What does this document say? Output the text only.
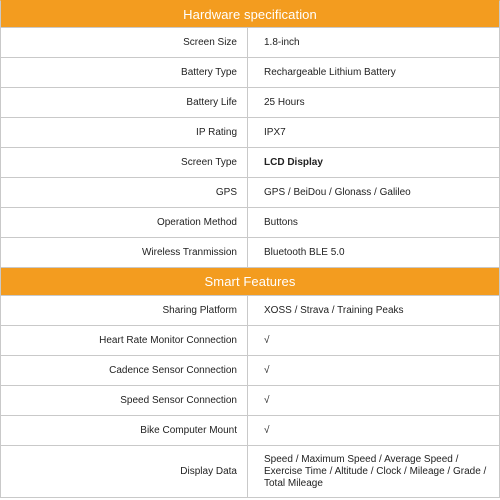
Hardware specification
Screen Size	1.8-inch
Battery Type	Rechargeable Lithium Battery
Battery Life	25 Hours
IP Rating	IPX7
Screen Type	LCD Display
GPS	GPS / BeiDou / Glonass / Galileo
Operation Method	Buttons
Wireless Tranmission	Bluetooth BLE 5.0
Smart Features
Sharing Platform	XOSS / Strava / Training Peaks
Heart Rate Monitor Connection	√
Cadence Sensor Connection	√
Speed Sensor Connection	√
Bike Computer Mount	√
Display Data	Speed / Maximum Speed / Average Speed / Exercise Time / Altitude / Clock / Mileage / Grade / Total Mileage
